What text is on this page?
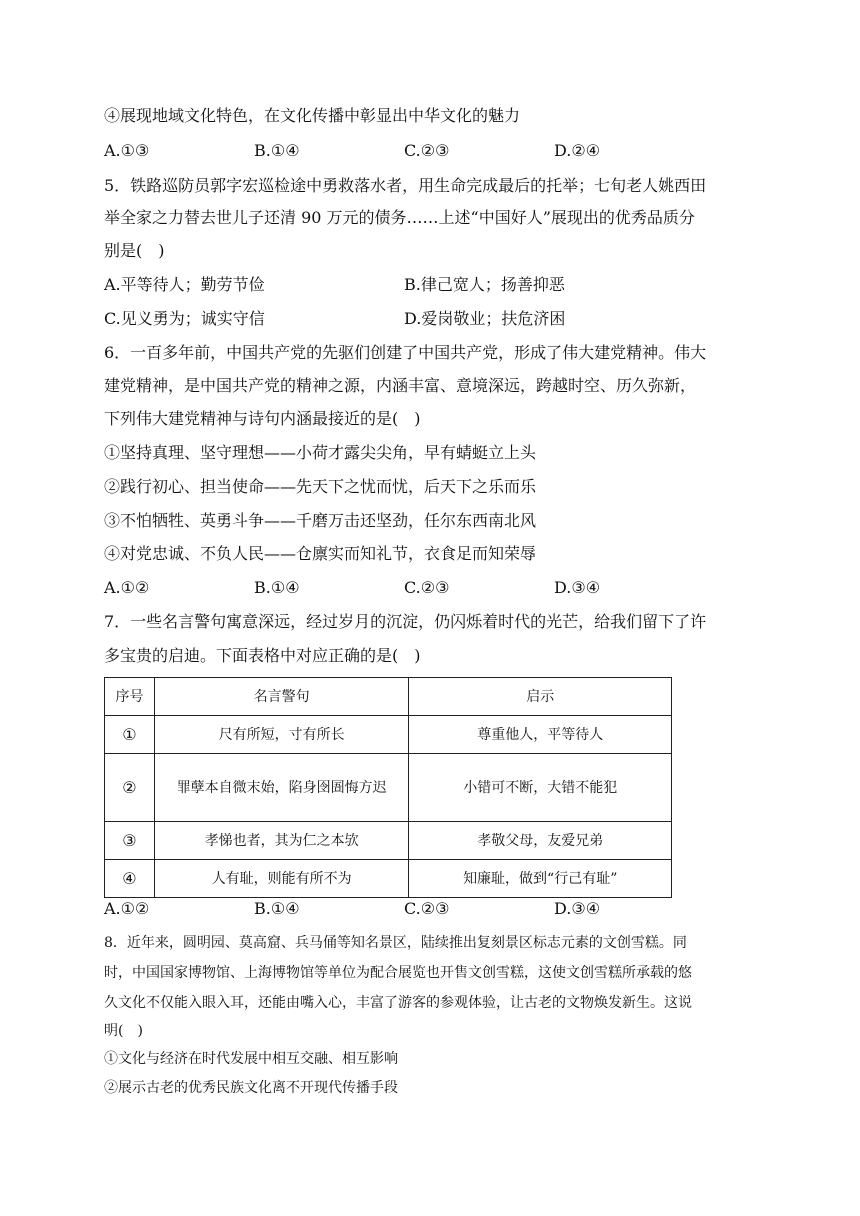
④展现地域文化特色，在文化传播中彰显出中华文化的魅力
A.①③	B.①④	C.②③	D.②④
5．铁路巡防员郭字宏巡检途中勇救落水者，用生命完成最后的托举；七旬老人姚西田
举全家之力替去世儿子还清 90 万元的债务……上述“中国好人”展现出的优秀品质分
别是(　)
A.平等待人；勤劳节俭	B.律己宽人；扬善抑恶
C.见义勇为；诚实守信	D.爱岗敬业；扶危济困
6．一百多年前，中国共产党的先驱们创建了中国共产党，形成了伟大建党精神。伟大
建党精神，是中国共产党的精神之源，内涵丰富、意境深远，跨越时空、历久弥新，
下列伟大建党精神与诗句内涵最接近的是(　)
①坚持真理、坚守理想——小荷才露尖尖角，早有蜻蜓立上头
②践行初心、担当使命——先天下之忧而忧，后天下之乐而乐
③不怕牺牲、英勇斗争——千磨万击还坚劲，任尔东西南北风
④对党忠诚、不负人民——仓廪实而知礼节，衣食足而知荣辱
A.①②	B.①④	C.②③	D.③④
7．一些名言警句寓意深远，经过岁月的沉淀，仍闪烁着时代的光芒，给我们留下了许
多宝贵的启迪。下面表格中对应正确的是(　)
序号	名言警句	启示
①	尺有所短，寸有所长	尊重他人，平等待人
②	罪孽本自微末始，陷身囹圄悔方迟	小错可不断，大错不能犯
③	孝悌也者，其为仁之本欤	孝敬父母，友爱兄弟
④	人有耻，则能有所不为	知廉耻，做到“行己有耻”
A.①②	B.①④	C.②③	D.③④
8．近年来，圆明园、莫高窟、兵马俑等知名景区，陆续推出复刻景区标志元素的文创雪糕。同
时，中国国家博物馆、上海博物馆等单位为配合展览也开售文创雪糕，这使文创雪糕所承载的悠
久文化不仅能入眼入耳，还能由嘴入心，丰富了游客的参观体验，让古老的文物焕发新生。这说
明(　)
①文化与经济在时代发展中相互交融、相互影响
②展示古老的优秀民族文化离不开现代传播手段
